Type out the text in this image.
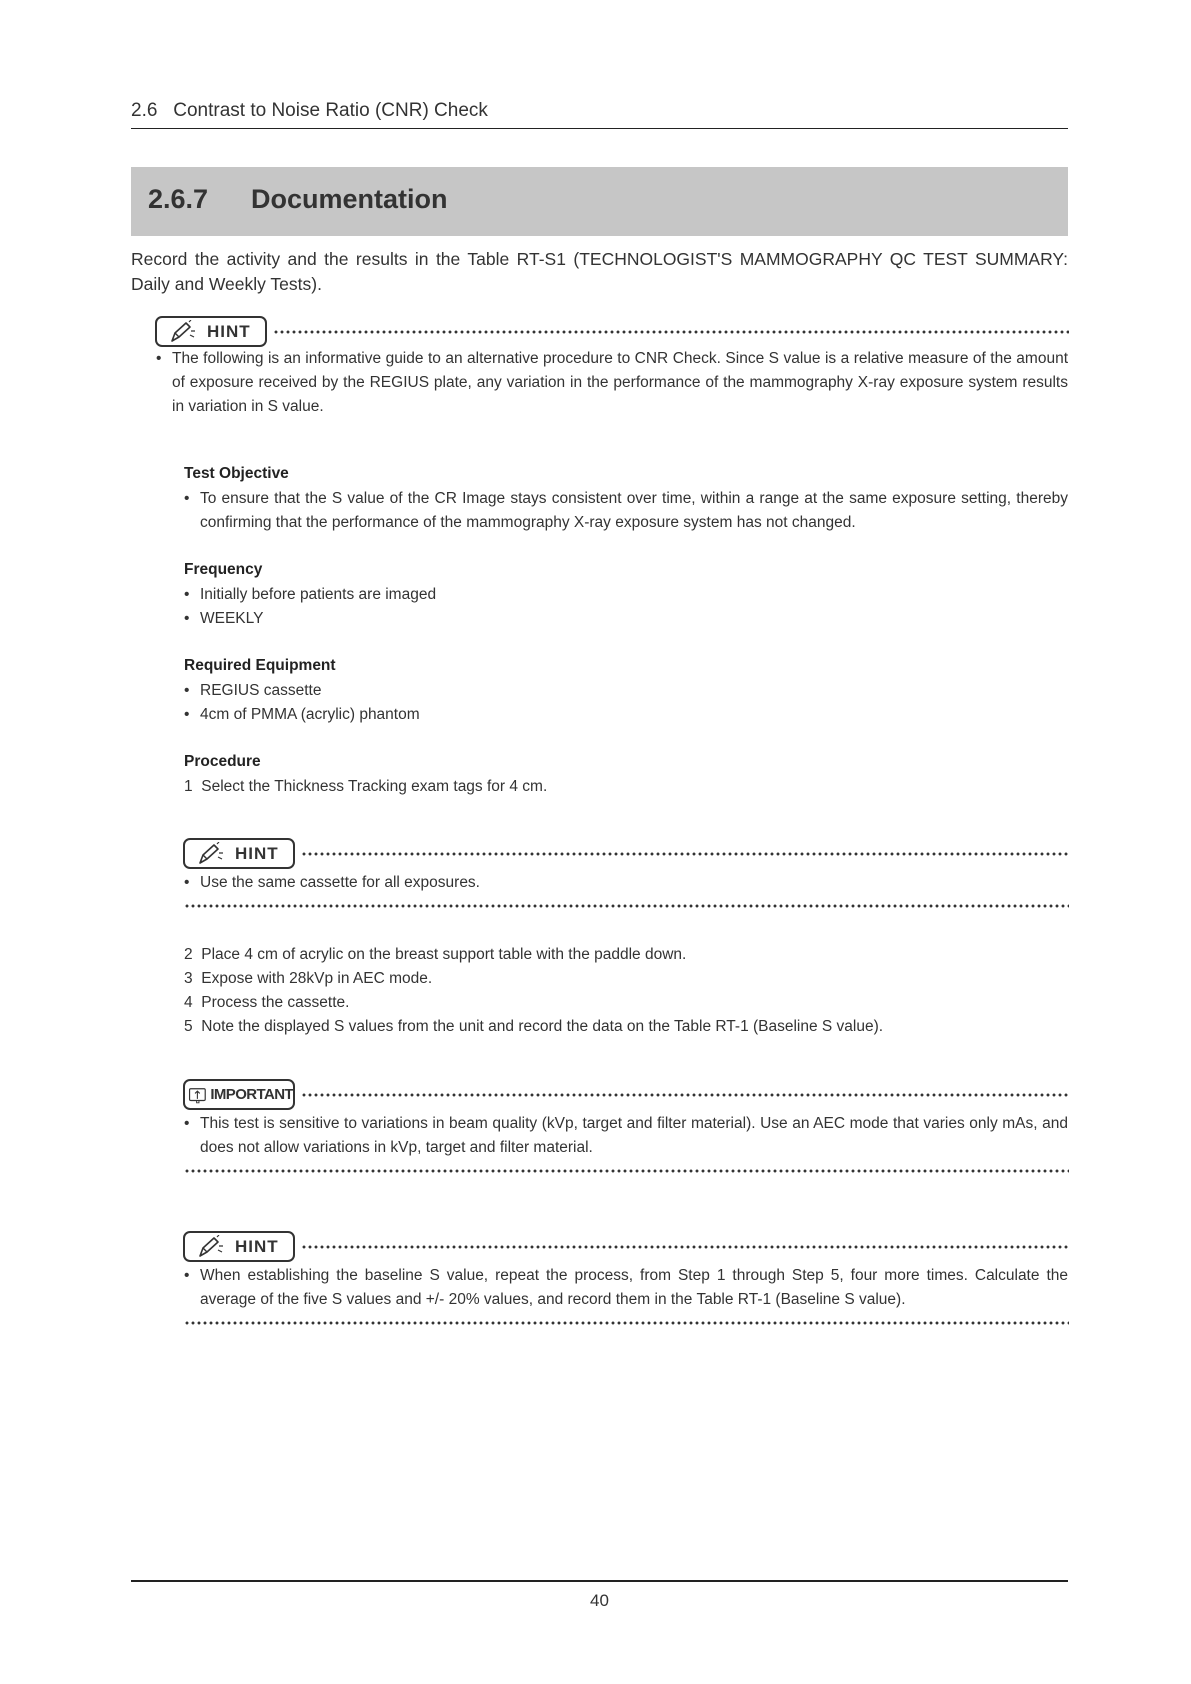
2.6   Contrast to Noise Ratio (CNR) Check
2.6.7 Documentation
Record the activity and the results in the Table RT-S1 (TECHNOLOGIST'S MAMMOGRAPHY QC TEST SUMMARY: Daily and Weekly Tests).
HINT
• The following is an informative guide to an alternative procedure to CNR Check. Since S value is a relative measure of the amount of exposure received by the REGIUS plate, any variation in the performance of the mammography X-ray exposure system results in variation in S value.
Test Objective
• To ensure that the S value of the CR Image stays consistent over time, within a range at the same exposure setting, thereby confirming that the performance of the mammography X-ray exposure system has not changed.
Frequency
• Initially before patients are imaged
• WEEKLY
Required Equipment
• REGIUS cassette
• 4cm of PMMA (acrylic) phantom
Procedure
1 Select the Thickness Tracking exam tags for 4 cm.
HINT
• Use the same cassette for all exposures.
2 Place 4 cm of acrylic on the breast support table with the paddle down.
3 Expose with 28kVp in AEC mode.
4 Process the cassette.
5 Note the displayed S values from the unit and record the data on the Table RT-1 (Baseline S value).
IMPORTANT
• This test is sensitive to variations in beam quality (kVp, target and filter material). Use an AEC mode that varies only mAs, and does not allow variations in kVp, target and filter material.
HINT
• When establishing the baseline S value, repeat the process, from Step 1 through Step 5, four more times. Calculate the average of the five S values and +/- 20% values, and record them in the Table RT-1 (Baseline S value).
40
